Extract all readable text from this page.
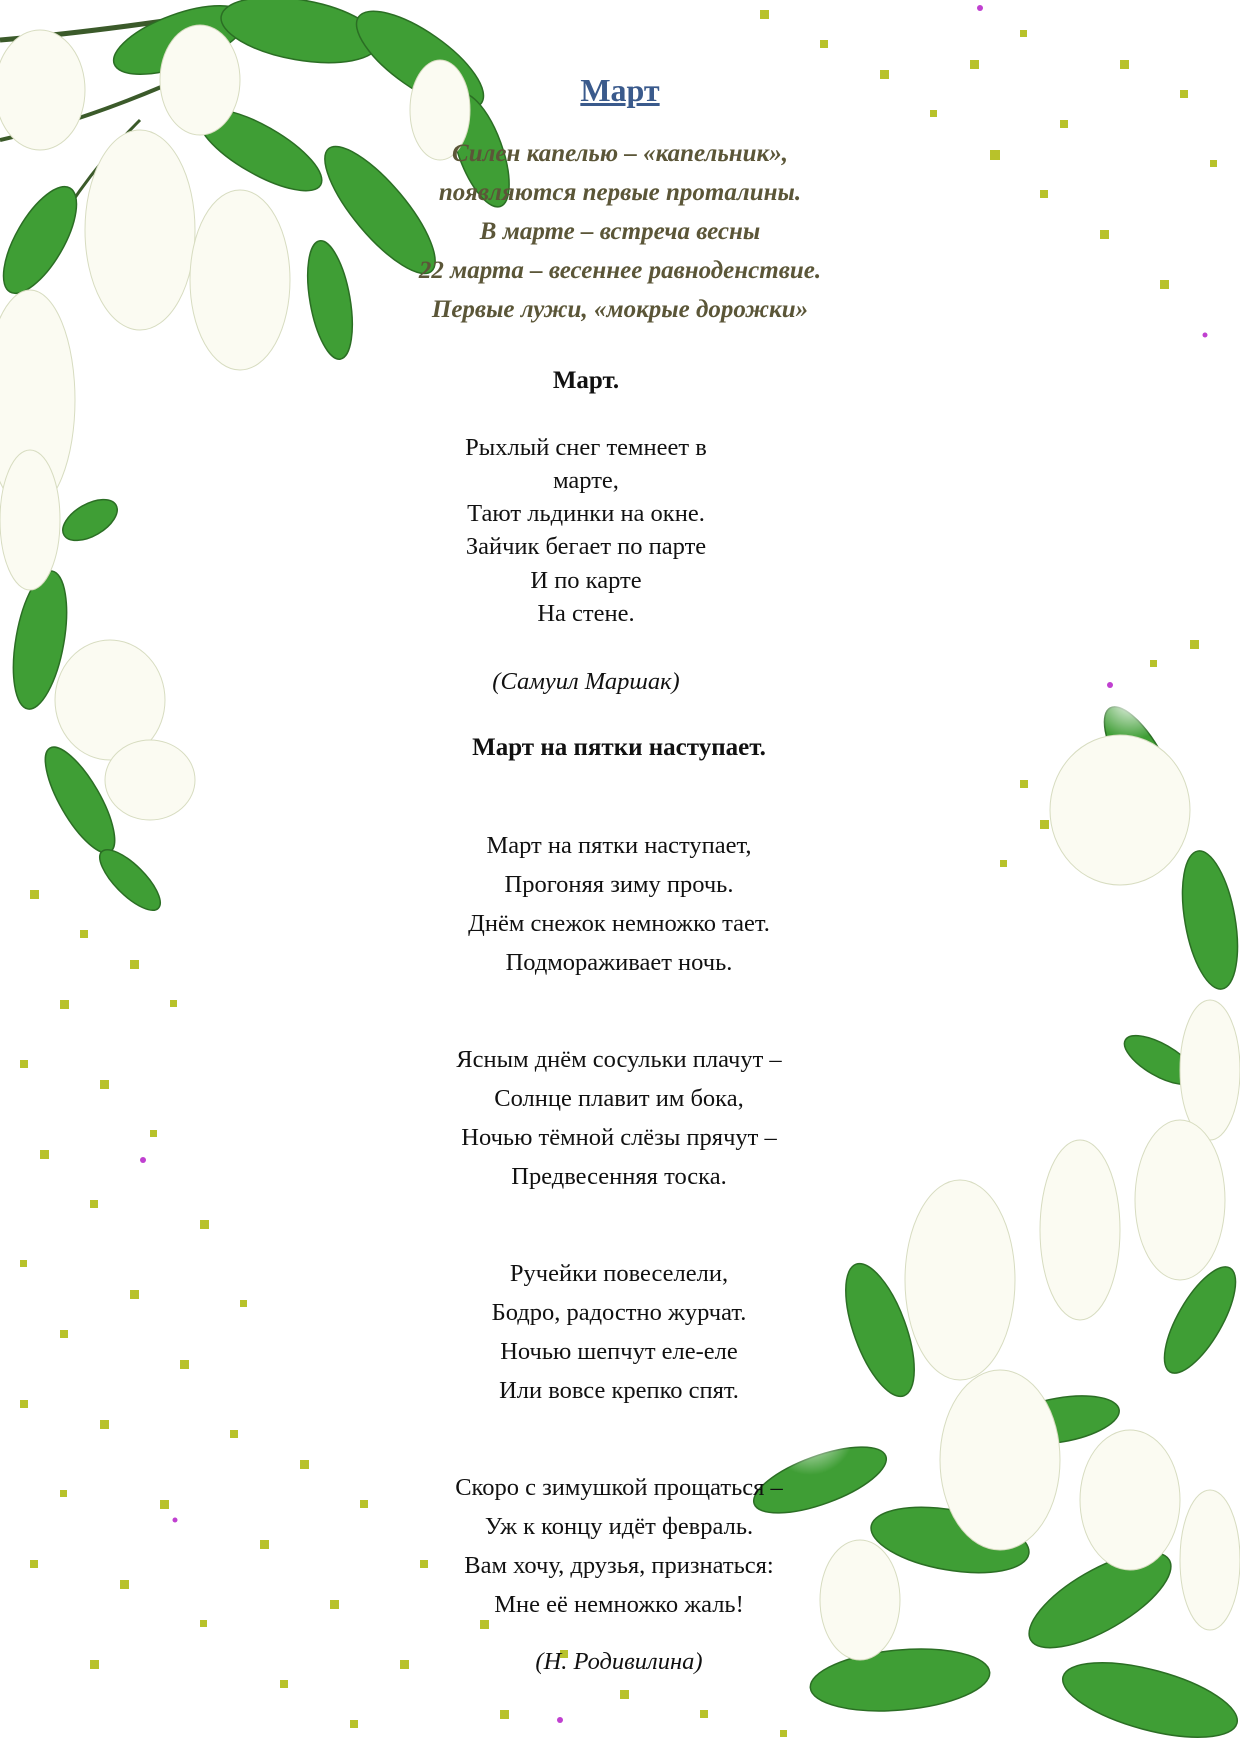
Март
Силен капелью – «капельник»,
появляются первые проталины.
В марте – встреча весны
22 марта – весеннее равноденствие.
Первые лужи, «мокрые дорожки»
Март.
Рыхлый снег темнеет в
марте,
Тают льдинки на окне.
Зайчик бегает по парте
И по карте
На стене.
(Самуил Маршак)
Март на пятки наступает.
Март на пятки наступает,
Прогоняя зиму прочь.
Днём снежок немножко тает.
Подмораживает ночь.
Ясным днём сосульки плачут –
Солнце плавит им бока,
Ночью тёмной слёзы прячут –
Предвесенняя тоска.
Ручейки повеселели,
Бодро, радостно журчат.
Ночью шепчут еле-еле
Или вовсе крепко спят.
Скоро с зимушкой прощаться –
Уж к концу идёт февраль.
Вам хочу, друзья, признаться:
Мне её немножко жаль!
(Н. Родивилина)
